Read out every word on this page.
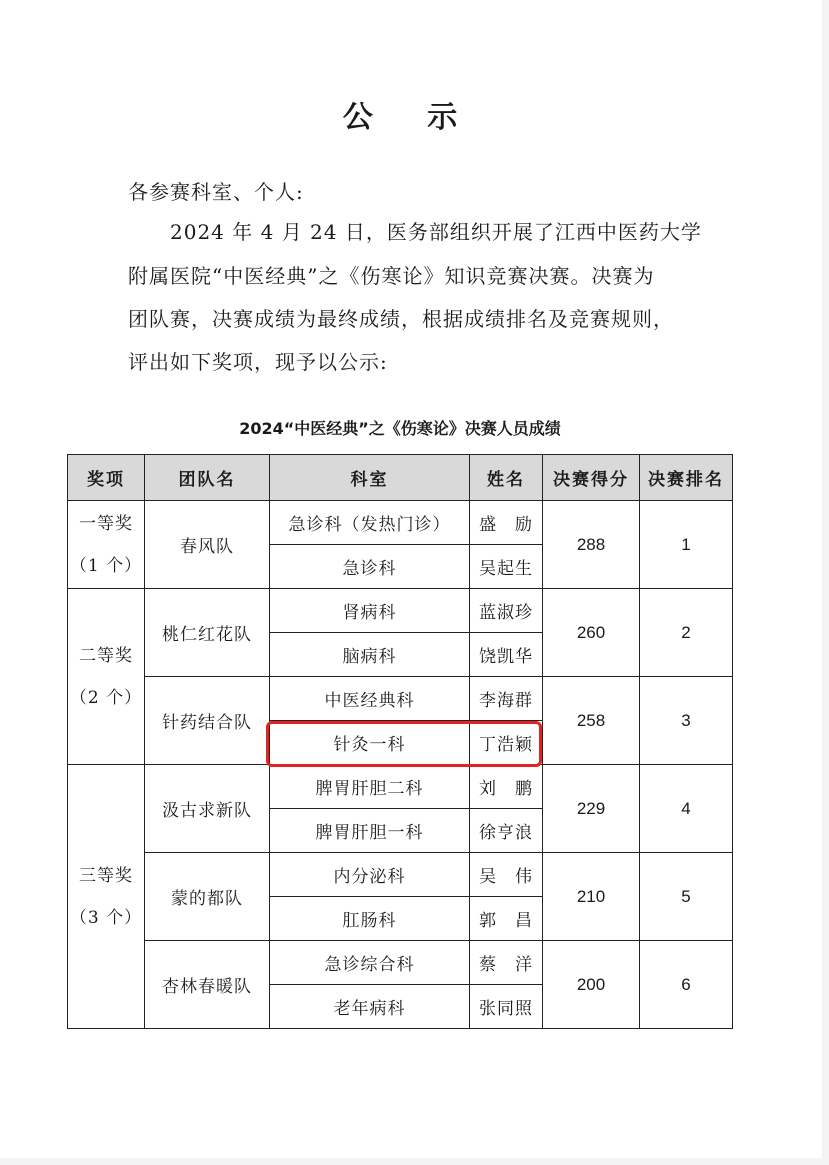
公 示
各参赛科室、个人:
2024 年 4 月 24 日，医务部组织开展了江西中医药大学
附属医院“中医经典”之《伤寒论》知识竞赛决赛。决赛为
团队赛，决赛成绩为最终成绩，根据成绩排名及竞赛规则，
评出如下奖项，现予以公示:
2024“中医经典”之《伤寒论》决赛人员成绩
奖项	团队名	科室	姓名	决赛得分	决赛排名

一等奖
（1 个）	春风队	急诊科（发热门诊）	盛　励	288	1
		急诊科	吴起生		

二等奖
（2 个）	桃仁红花队	肾病科	蓝淑珍	260	2
		脑病科	饶凯华		
	针药结合队	中医经典科	李海群	258	3
		针灸一科	丁浩颖		

三等奖
（3 个）	汲古求新队	脾胃肝胆二科	刘　鹏	229	4
		脾胃肝胆一科	徐亨浪		
	蒙的都队	内分泌科	吴　伟	210	5
		肛肠科	郭　昌		
	杏林春暖队	急诊综合科	蔡　洋	200	6
		老年病科	张同照		
